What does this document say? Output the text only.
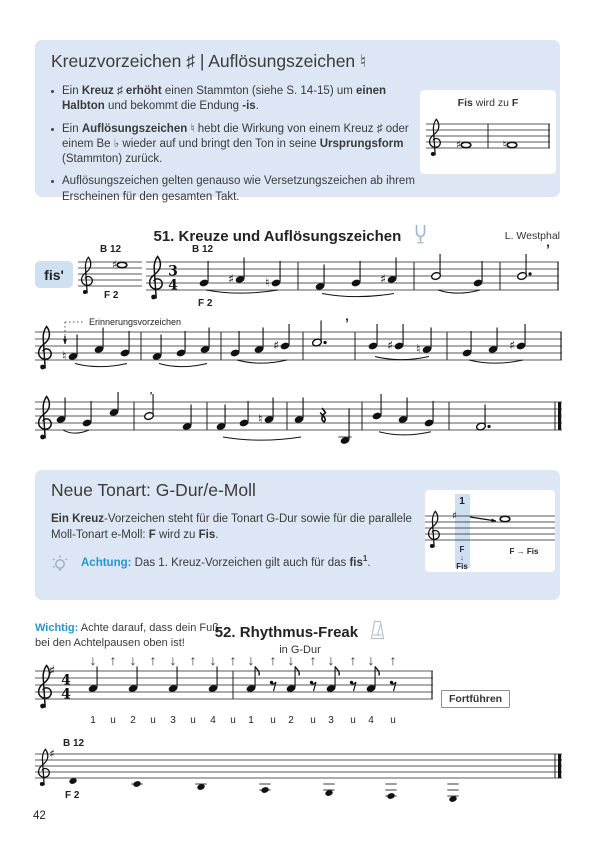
Kreuzvorzeichen ♯ | Auflösungszeichen ♮
Ein Kreuz ♯ erhöht einen Stammton (siehe S. 14-15) um einen Halbton und bekommt die Endung -is.
Ein Auflösungszeichen ♮ hebt die Wirkung von einem Kreuz ♯ oder einem Be ♭ wieder auf und bringt den Ton in seine Ursprungsform (Stammton) zurück.
Auflösungszeichen gelten genauso wie Versetzungszeichen ab ihrem Erscheinen für den gesamten Takt.
Fis wird zu F
♯	♮
51. Kreuze und Auflösungszeichen	L. Westphal
fis'
♯
B 12
F 2
3
4	♯	♮	♯
B 12
F 2
’
♮
♯	♯ ♮	♯
Erinnerungsvorzeichen	’
♮
’
Neue Tonart: G-Dur/e-Moll
Ein Kreuz-Vorzeichen steht für die Tonart G-Dur sowie für die parallele Moll-Tonart e-Moll: F wird zu Fis.
Achtung: Das 1. Kreuz-Vorzeichen gilt auch für das fis$^1$.
♯
1
F
↓
Fis
F → Fis
Wichtig: Achte darauf, dass dein Fuß bei den Achtelpausen oben ist!
52. Rhythmus-Freak
in G-Dur
♯
4
4
↓ ↑ ↓ ↑ ↓ ↑ ↓ ↑ ↓ ↑ ↓ ↑ ↓ ↑ ↓ ↑
1 u 2 u 3 u 4 u 1 u 2 u 3 u 4 u
Fortführen
♯
B 12
F 2
42
